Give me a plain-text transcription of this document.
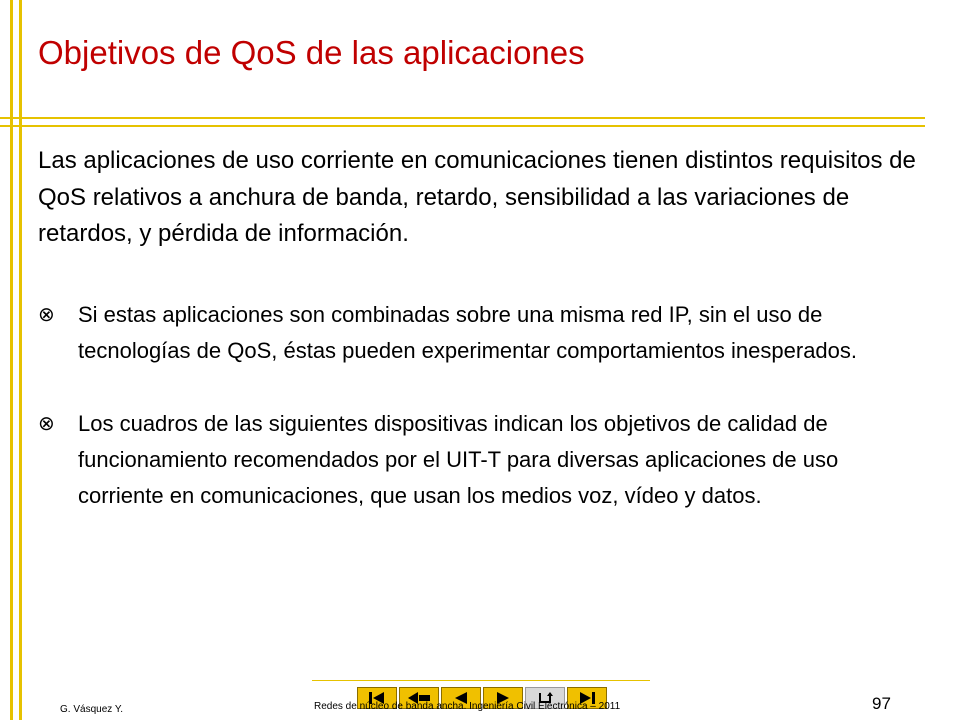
Objetivos de QoS de las aplicaciones

Las aplicaciones de uso corriente en comunicaciones tienen distintos requisitos de QoS relativos a anchura de banda, retardo, sensibilidad a las variaciones de retardos, y pérdida de información.

⊗	Si estas aplicaciones son combinadas sobre una misma red IP, sin el uso de tecnologías de QoS, éstas pueden experimentar comportamientos inesperados.

⊗	Los cuadros de las siguientes dispositivas indican los objetivos de calidad de funcionamiento recomendados por el UIT-T para diversas aplicaciones de uso corriente en comunicaciones, que usan los medios voz, vídeo y datos.

G. Vásquez Y.	Redes de núcleo de banda ancha. Ingeniería Civil Electrónica – 2011	97
